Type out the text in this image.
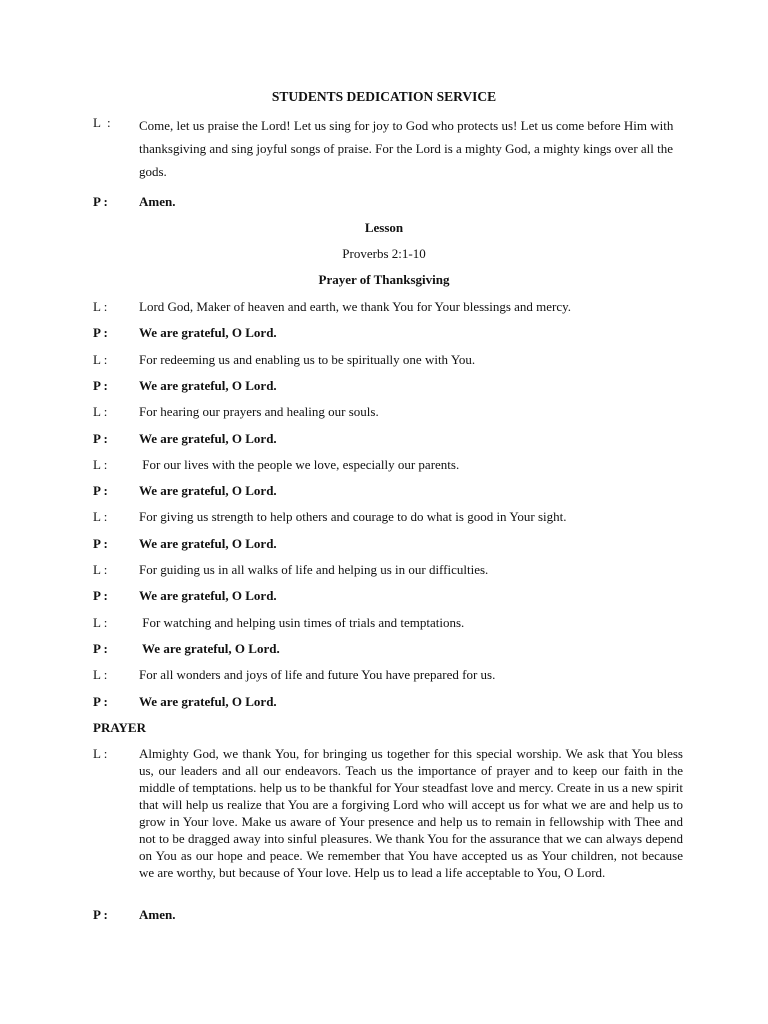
STUDENTS DEDICATION SERVICE
L  : Come, let us praise the Lord! Let us sing for joy to God who protects us! Let us come before Him with thanksgiving and sing joyful songs of praise. For the Lord is a mighty God, a mighty kings over all the gods.
P : Amen.
Lesson
Proverbs 2:1-10
Prayer of Thanksgiving
L : Lord God, Maker of heaven and earth, we thank You for Your blessings and mercy.
P : We are grateful, O Lord.
L : For redeeming us and enabling us to be spiritually one with You.
P : We are grateful, O Lord.
L : For hearing our prayers and healing our souls.
P : We are grateful, O Lord.
L : For our lives with the people we love, especially our parents.
P : We are grateful, O Lord.
L : For giving us strength to help others and courage to do what is good in Your sight.
P : We are grateful, O Lord.
L : For guiding us in all walks of life and helping us in our difficulties.
P : We are grateful, O Lord.
L : For watching and helping usin times of trials and temptations.
P : We are grateful, O Lord.
L : For all wonders and joys of life and future You have prepared for us.
P : We are grateful, O Lord.
PRAYER
L : Almighty God, we thank You, for bringing us together for this special worship. We ask that You bless us, our leaders and all our endeavors. Teach us the importance of prayer and to keep our faith in the middle of temptations. help us to be thankful for Your steadfast love and mercy. Create in us a new spirit that will help us realize that You are a forgiving Lord who will accept us for what we are and help us to grow in Your love. Make us aware of Your presence and help us to remain in fellowship with Thee and not to be dragged away into sinful pleasures. We thank You for the assurance that we can always depend on You as our hope and peace. We remember that You have accepted us as Your children, not because we are worthy, but because of Your love. Help us to lead a life acceptable to You, O Lord.
P : Amen.
